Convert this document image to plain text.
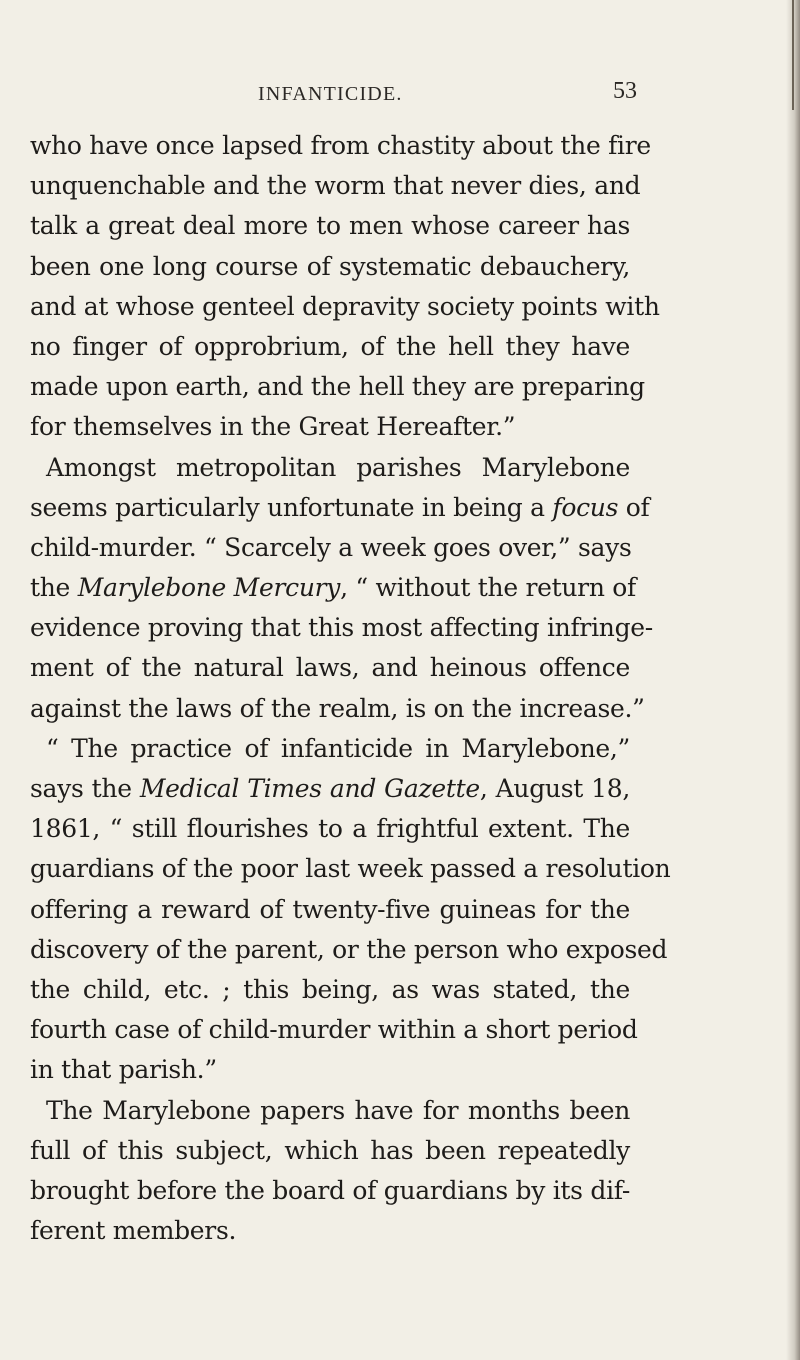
INFANTICIDE.	53
who have once lapsed from chastity about the fire
unquenchable and the worm that never dies, and
talk a great deal more to men whose career has
been one long course of systematic debauchery,
and at whose genteel depravity society points with
no finger of opprobrium, of the hell they have
made upon earth, and the hell they are preparing
for themselves in the Great Hereafter.”
Amongst metropolitan parishes Marylebone
seems particularly unfortunate in being a focus of
child-murder. “ Scarcely a week goes over,” says
the Marylebone Mercury, “ without the return of
evidence proving that this most affecting infringe-
ment of the natural laws, and heinous offence
against the laws of the realm, is on the increase.”
“ The practice of infanticide in Marylebone,”
says the Medical Times and Gazette, August 18,
1861, “ still flourishes to a frightful extent. The
guardians of the poor last week passed a resolution
offering a reward of twenty-five guineas for the
discovery of the parent, or the person who exposed
the child, etc. ; this being, as was stated, the
fourth case of child-murder within a short period
in that parish.”
The Marylebone papers have for months been
full of this subject, which has been repeatedly
brought before the board of guardians by its dif-
ferent members.
